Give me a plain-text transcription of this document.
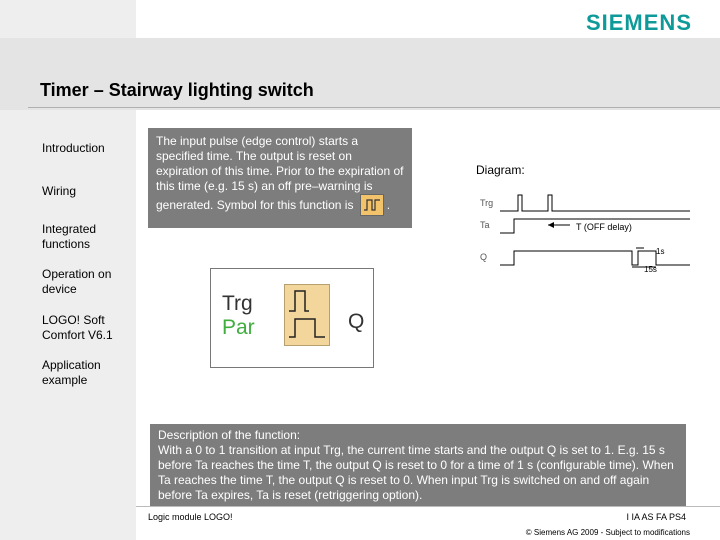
SIEMENS
Timer – Stairway lighting switch
Introduction
Wiring
Integrated functions
Operation on device
LOGO! Soft Comfort V6.1
Application example
The input pulse (edge control) starts a specified time. The output is reset on expiration of this time. Prior to the expiration of this time (e.g. 15 s) an off pre–warning is generated. Symbol for this function is	.
Trg
Par	Q
Diagram:
Trg
Ta
Q
T (OFF delay)
1s
15s
Description of the function:
With a 0 to 1 transition at input Trg, the current time starts and the output Q is set to 1. E.g. 15 s before Ta reaches the time T, the output Q is reset to 0 for a time of 1 s (configurable time). When Ta reaches the time T, the output Q is reset to 0. When input Trg is switched on and off again before Ta expires, Ta is reset (retriggering option).
Logic module LOGO!	I IA AS FA PS4
© Siemens AG 2009 - Subject to modifications
